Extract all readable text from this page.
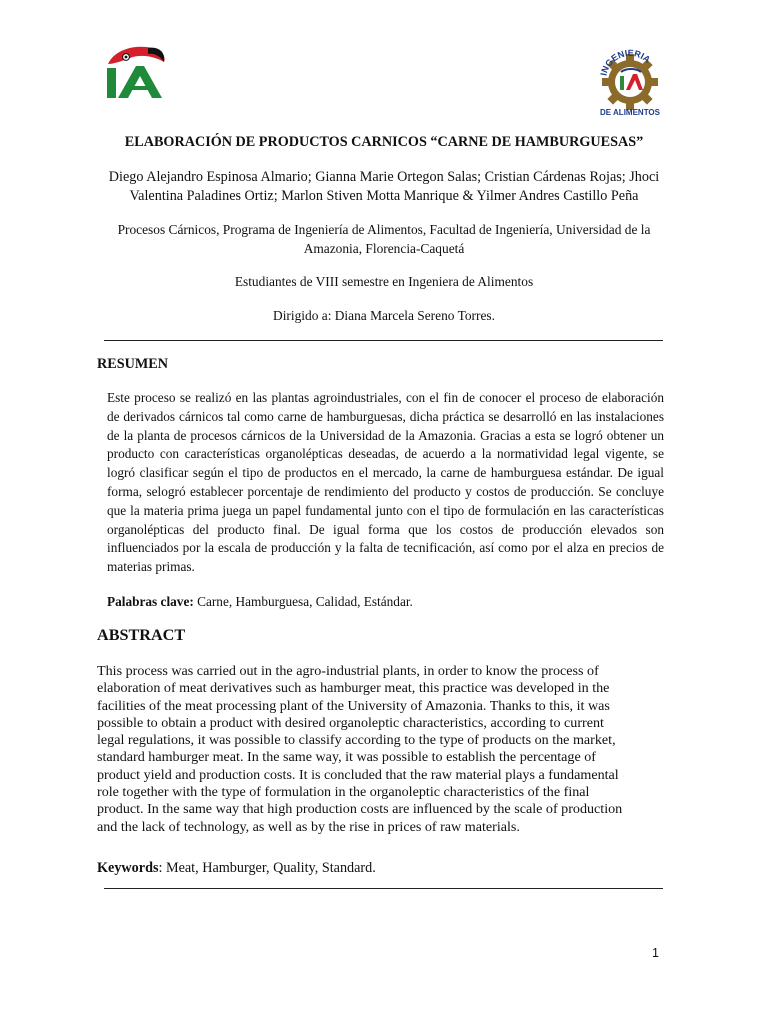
INGENIERIA
DE ALIMENTOS
ELABORACIÓN DE PRODUCTOS CARNICOS “CARNE DE HAMBURGUESAS”
Diego Alejandro Espinosa Almario; Gianna Marie Ortegon Salas; Cristian Cárdenas Rojas; Jhoci
Valentina Paladines Ortiz; Marlon Stiven Motta Manrique & Yilmer Andres Castillo Peña
Procesos Cárnicos, Programa de Ingeniería de Alimentos, Facultad de Ingeniería, Universidad de la
Amazonia, Florencia-Caquetá
Estudiantes de VIII semestre en Ingeniera de Alimentos
Dirigido a: Diana Marcela Sereno Torres.
RESUMEN

Este proceso se realizó en las plantas agroindustriales, con el fin de conocer el proceso de elaboración de derivados cárnicos tal como carne de hamburguesas, dicha práctica se desarrolló en las instalaciones de la planta de procesos cárnicos de la Universidad de la Amazonia. Gracias a esta se logró obtener un producto con características organolépticas deseadas, de acuerdo a la normatividad legal vigente, se logró clasificar según el tipo de productos en el mercado, la carne de hamburguesa estándar. De igual forma, selogró establecer porcentaje de rendimiento del producto y costos de producción. Se concluye que la materia prima juega un papel fundamental junto con el tipo de formulación en las características organolépticas del producto final. De igual forma que los costos de producción elevados son influenciados por la escala de producción y la falta de tecnificación, así como por el alza en precios de materias primas.

Palabras clave: Carne, Hamburguesa, Calidad, Estándar.
ABSTRACT
This process was carried out in the agro-industrial plants, in order to know the process of
elaboration of meat derivatives such as hamburger meat, this practice was developed in the
facilities of the meat processing plant of the University of Amazonia. Thanks to this, it was
possible to obtain a product with desired organoleptic characteristics, according to current
legal regulations, it was possible to classify according to the type of products on the market,
standard hamburger meat. In the same way, it was possible to establish the percentage of
product yield and production costs. It is concluded that the raw material plays a fundamental
role together with the type of formulation in the organoleptic characteristics of the final
product. In the same way that high production costs are influenced by the scale of production
and the lack of technology, as well as by the rise in prices of raw materials.
Keywords: Meat, Hamburger, Quality, Standard.
1
